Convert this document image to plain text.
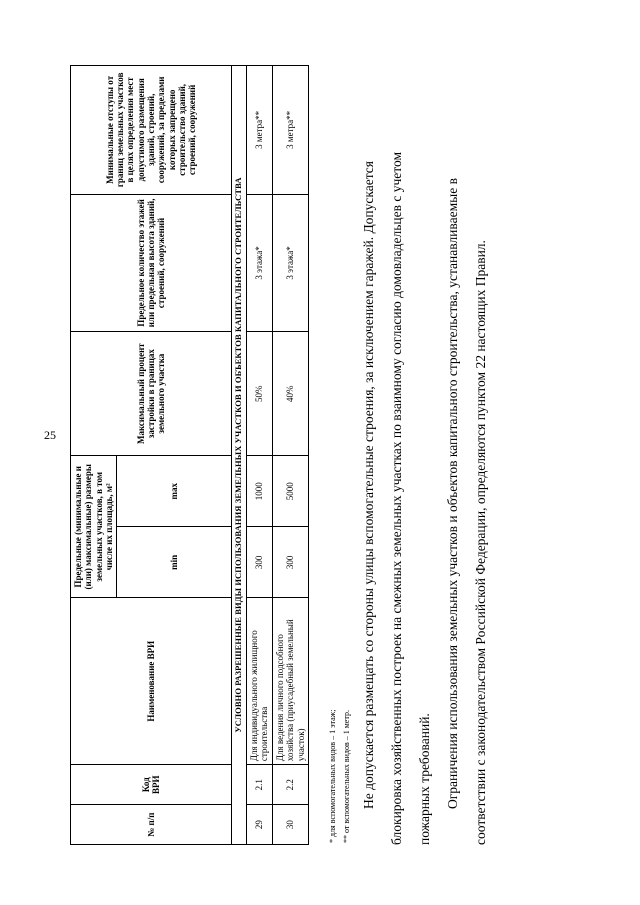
25
№ п/п	Код ВРИ	Наименование ВРИ	Предельные (минимальные и (или) максимальные) размеры земельных участков, в том числе их площадь, м²		Максимальный процент застройки в границах земельного участка	Предельное количество этажей или предельная высота зданий, строений, сооружений	Минимальные отступы от границ земельных участков в целях определения мест допустимого размещения зданий, строений, сооружений, за пределами которых запрещено строительство зданий, строений, сооружений
			min	max			
УСЛОВНО РАЗРЕШЕННЫЕ ВИДЫ ИСПОЛЬЗОВАНИЯ ЗЕМЕЛЬНЫХ УЧАСТКОВ И ОБЪЕКТОВ КАПИТАЛЬНОГО СТРОИТЕЛЬСТВА							
29	2.1	Для индивидуального жилищного строительства	300	1000	50%	3 этажа*	3 метра**
30	2.2	Для ведения личного подсобного хозяйства (приусадебный земельный участок)	300	5000	40%	3 этажа*	3 метра**
* для вспомогательных видов – 1 этаж; ** от вспомогательных видов – 1 метр. Не допускается размещать со стороны улицы вспомогательные строения, за исключением гаражей. Допускается блокировка хозяйственных построек на смежных земельных участках по взаимному согласию домовладельцев с учетом пожарных требований. Ограничения использования земельных участков и объектов капитального строительства, устанавливаемые в соответствии с законодательством Российской Федерации, определяются пунктом 22 настоящих Правил.
